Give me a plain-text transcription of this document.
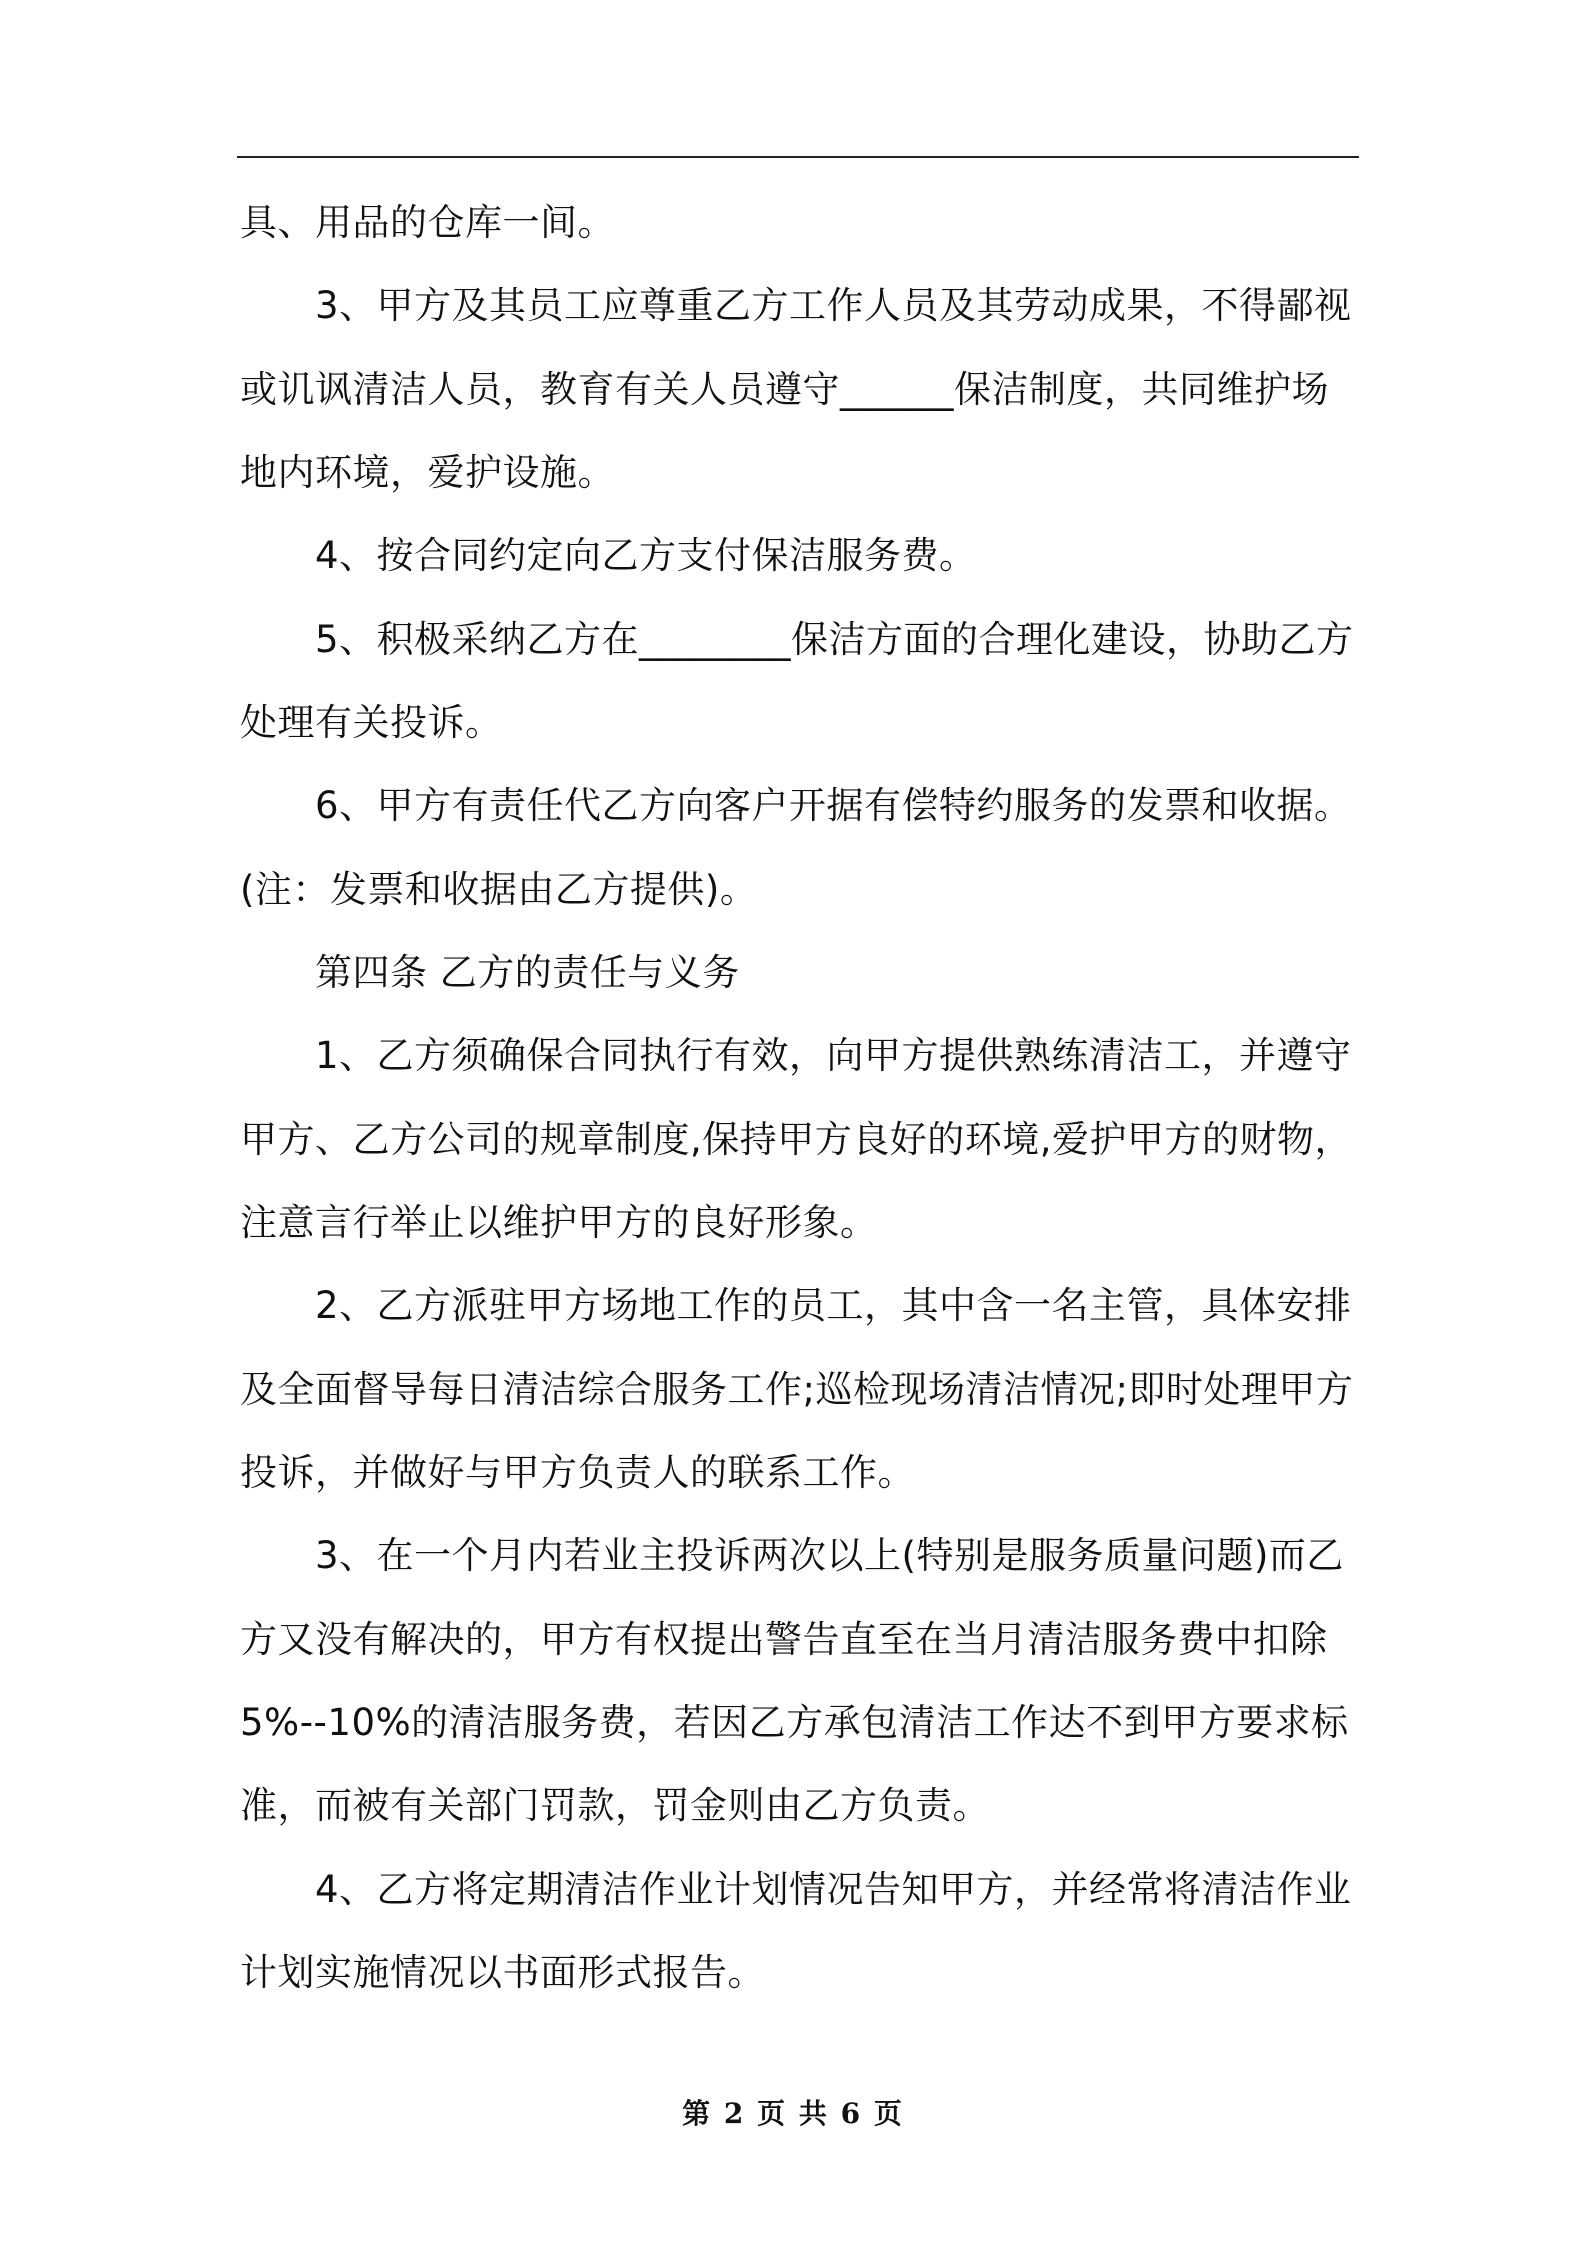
具、用品的仓库一间。
3、甲方及其员工应尊重乙方工作人员及其劳动成果，不得鄙视
或讥讽清洁人员，教育有关人员遵守______保洁制度，共同维护场
地内环境，爱护设施。
4、按合同约定向乙方支付保洁服务费。
5、积极采纳乙方在________保洁方面的合理化建设，协助乙方
处理有关投诉。
6、甲方有责任代乙方向客户开据有偿特约服务的发票和收据。
(注：发票和收据由乙方提供)。
第四条 乙方的责任与义务
1、乙方须确保合同执行有效，向甲方提供熟练清洁工，并遵守
甲方、乙方公司的规章制度,保持甲方良好的环境,爱护甲方的财物，
注意言行举止以维护甲方的良好形象。
2、乙方派驻甲方场地工作的员工，其中含一名主管，具体安排
及全面督导每日清洁综合服务工作;巡检现场清洁情况;即时处理甲方
投诉，并做好与甲方负责人的联系工作。
3、在一个月内若业主投诉两次以上(特别是服务质量问题)而乙
方又没有解决的，甲方有权提出警告直至在当月清洁服务费中扣除
5%--10%的清洁服务费，若因乙方承包清洁工作达不到甲方要求标
准，而被有关部门罚款，罚金则由乙方负责。
4、乙方将定期清洁作业计划情况告知甲方，并经常将清洁作业
计划实施情况以书面形式报告。
第 2 页 共 6 页
